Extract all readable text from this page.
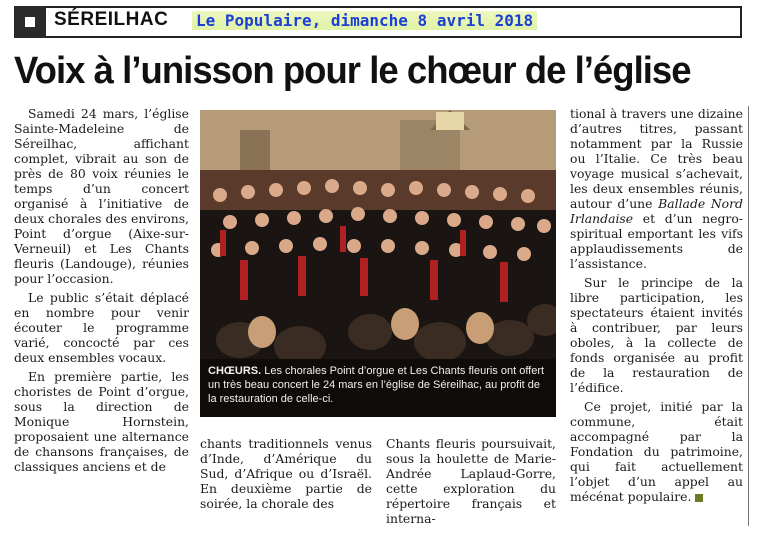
SÉREILHAC Le Populaire, dimanche 8 avril 2018
Voix à l’unisson pour le chœur de l’église

Samedi 24 mars, l’église Sainte-Madeleine de Séreilhac, affichant complet, vibrait au son de près de 80 voix réunies le temps d’un concert organisé à l’initiative de deux chorales des environs, Point d’orgue (Aixe-sur-Verneuil) et Les Chants fleuris (Landouge), réunies pour l’occasion.

Le public s’était déplacé en nombre pour venir écouter le programme varié, concocté par ces deux ensembles vocaux.

En première partie, les choristes de Point d’orgue, sous la direction de Monique Hornstein, proposaient une alternance de chansons françaises, de classiques anciens et de

CHŒURS. Les chorales Point d’orgue et Les Chants fleuris ont offert un très beau concert le 24 mars en l’église de Séreilhac, au profit de la restauration de celle-ci.

chants traditionnels venus d’Inde, d’Amérique du Sud, d’Afrique ou d’Israël. En deuxième partie de soirée, la chorale des

Chants fleuris poursuivait, sous la houlette de Marie-Andrée Laplaud-Gorre, cette exploration du répertoire français et interna-

tional à travers une dizaine d’autres titres, passant notamment par la Russie ou l’Italie. Ce très beau voyage musical s’achevait, les deux ensembles réunis, autour d’une Ballade Nord Irlandaise et d’un negro-spiritual emportant les vifs applaudissements de l’assistance.

Sur le principe de la libre participation, les spectateurs étaient invités à contribuer, par leurs oboles, à la collecte de fonds organisée au profit de la restauration de l’édifice.

Ce projet, initié par la commune, était accompagné par la Fondation du patrimoine, qui fait actuellement l’objet d’un appel au mécénat populaire.
